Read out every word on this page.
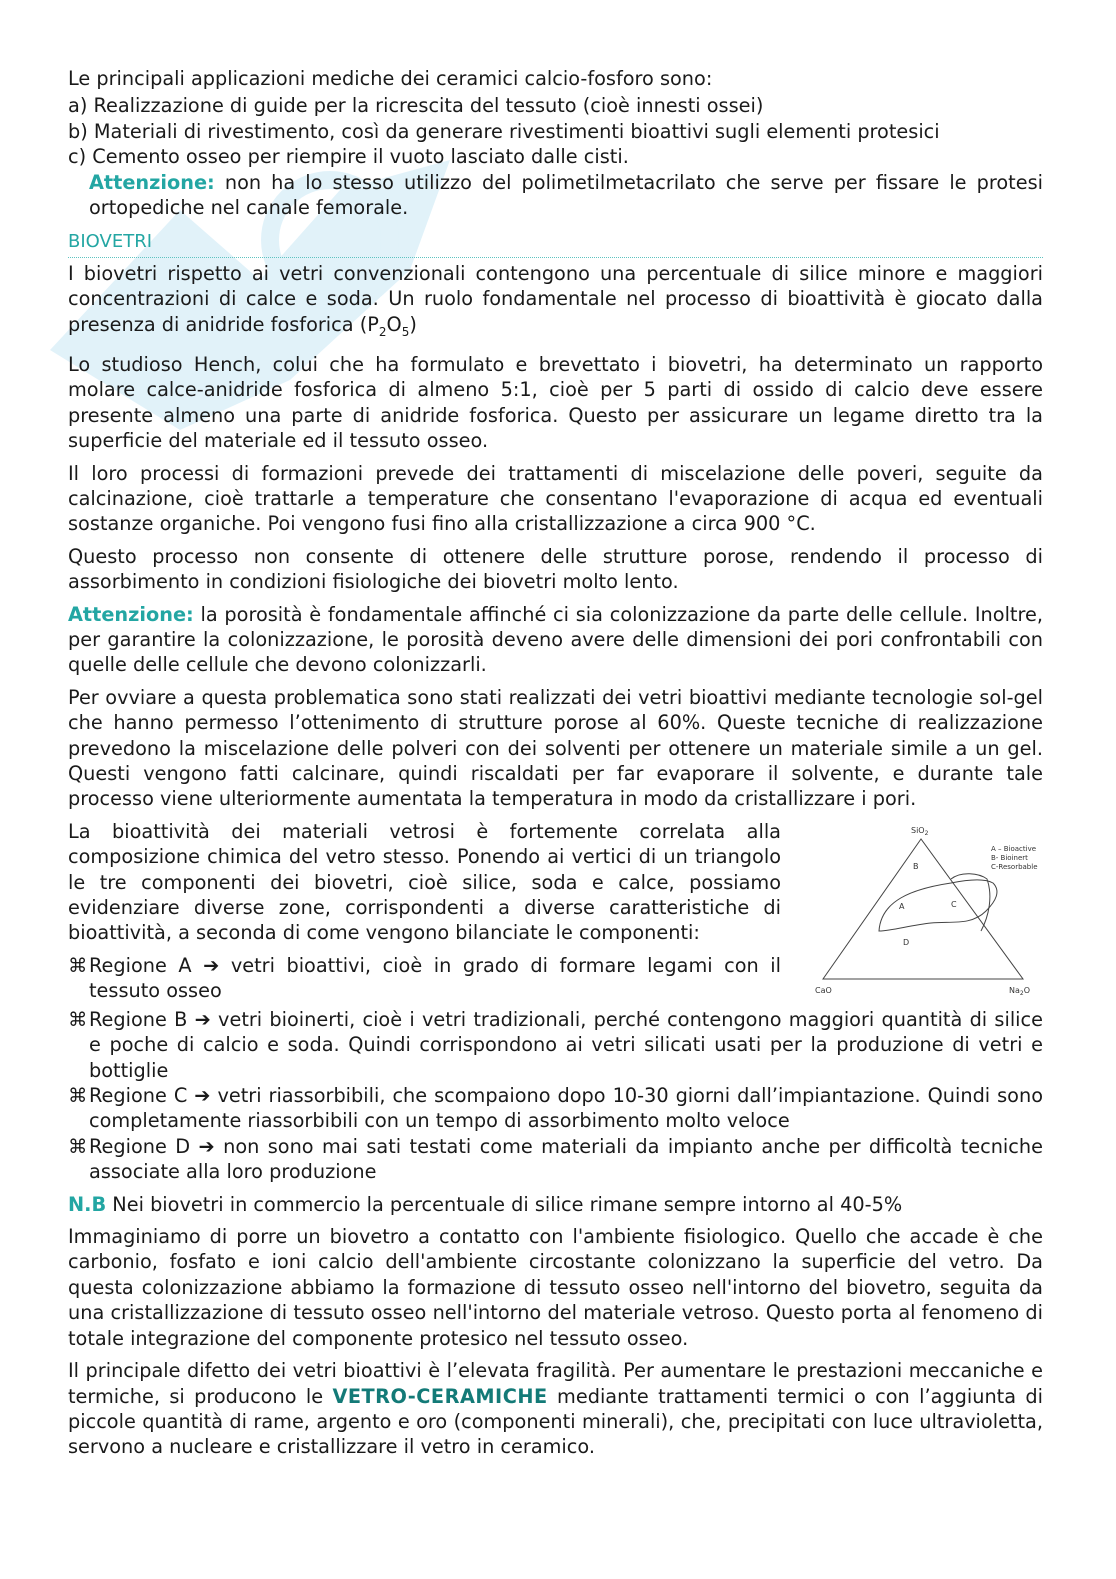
Le principali applicazioni mediche dei ceramici calcio-fosforo sono:

a) Realizzazione di guide per la ricrescita del tessuto (cioè innesti ossei)

b) Materiali di rivestimento, così da generare rivestimenti bioattivi sugli elementi protesici

c) Cemento osseo per riempire il vuoto lasciato dalle cisti.

Attenzione: non ha lo stesso utilizzo del polimetilmetacrilato che serve per fissare le protesi ortopediche nel canale femorale.

BIOVETRI

I biovetri rispetto ai vetri convenzionali contengono una percentuale di silice minore e maggiori concentrazioni di calce e soda. Un ruolo fondamentale nel processo di bioattività è giocato dalla presenza di anidride fosforica $(P_2O_5)$

Lo studioso Hench, colui che ha formulato e brevettato i biovetri, ha determinato un rapporto molare calce-anidride fosforica di almeno 5:1, cioè per 5 parti di ossido di calcio deve essere presente almeno una parte di anidride fosforica. Questo per assicurare un legame diretto tra la superficie del materiale ed il tessuto osseo.

Il loro processi di formazioni prevede dei trattamenti di miscelazione delle poveri, seguite da calcinazione, cioè trattarle a temperature che consentano l'evaporazione di acqua ed eventuali sostanze organiche. Poi vengono fusi fino alla cristallizzazione a circa 900 °C.

Questo processo non consente di ottenere delle strutture porose, rendendo il processo di assorbimento in condizioni fisiologiche dei biovetri molto lento.

Attenzione: la porosità è fondamentale affinché ci sia colonizzazione da parte delle cellule. Inoltre, per garantire la colonizzazione, le porosità deveno avere delle dimensioni dei pori confrontabili con quelle delle cellule che devono colonizzarli.

Per ovviare a questa problematica sono stati realizzati dei vetri bioattivi mediante tecnologie sol-gel che hanno permesso l’ottenimento di strutture porose al 60%. Queste tecniche di realizzazione prevedono la miscelazione delle polveri con dei solventi per ottenere un materiale simile a un gel. Questi vengono fatti calcinare, quindi riscaldati per far evaporare il solvente, e durante tale processo viene ulteriormente aumentata la temperatura in modo da cristallizzare i pori.

SiO$_2$
CaO	$Na_2O$
B
A	C
D
A – Bioactive
B- Bioinert
C-Resorbable

La bioattività dei materiali vetrosi è fortemente correlata alla composizione chimica del vetro stesso. Ponendo ai vertici di un triangolo le tre componenti dei biovetri, cioè silice, soda e calce, possiamo evidenziare diverse zone, corrispondenti a diverse caratteristiche di bioattività, a seconda di come vengono bilanciate le componenti:

⌘Regione A ➔ vetri bioattivi, cioè in grado di formare legami con il tessuto osseo

⌘Regione B ➔ vetri bioinerti, cioè i vetri tradizionali, perché contengono maggiori quantità di silice e poche di calcio e soda. Quindi corrispondono ai vetri silicati usati per la produzione di vetri e bottiglie

⌘Regione C ➔ vetri riassorbibili, che scompaiono dopo 10-30 giorni dall’impiantazione. Quindi sono completamente riassorbibili con un tempo di assorbimento molto veloce

⌘Regione D ➔ non sono mai sati testati come materiali da impianto anche per difficoltà tecniche associate alla loro produzione

N.B Nei biovetri in commercio la percentuale di silice rimane sempre intorno al 40-5%

Immaginiamo di porre un biovetro a contatto con l'ambiente fisiologico. Quello che accade è che carbonio, fosfato e ioni calcio dell'ambiente circostante colonizzano la superficie del vetro. Da questa colonizzazione abbiamo la formazione di tessuto osseo nell'intorno del biovetro, seguita da una cristallizzazione di tessuto osseo nell'intorno del materiale vetroso. Questo porta al fenomeno di totale integrazione del componente protesico nel tessuto osseo.

Il principale difetto dei vetri bioattivi è l’elevata fragilità. Per aumentare le prestazioni meccaniche e termiche, si producono le VETRO-CERAMICHE mediante trattamenti termici o con l’aggiunta di piccole quantità di rame, argento e oro (componenti minerali), che, precipitati con luce ultravioletta, servono a nucleare e cristallizzare il vetro in ceramico.
